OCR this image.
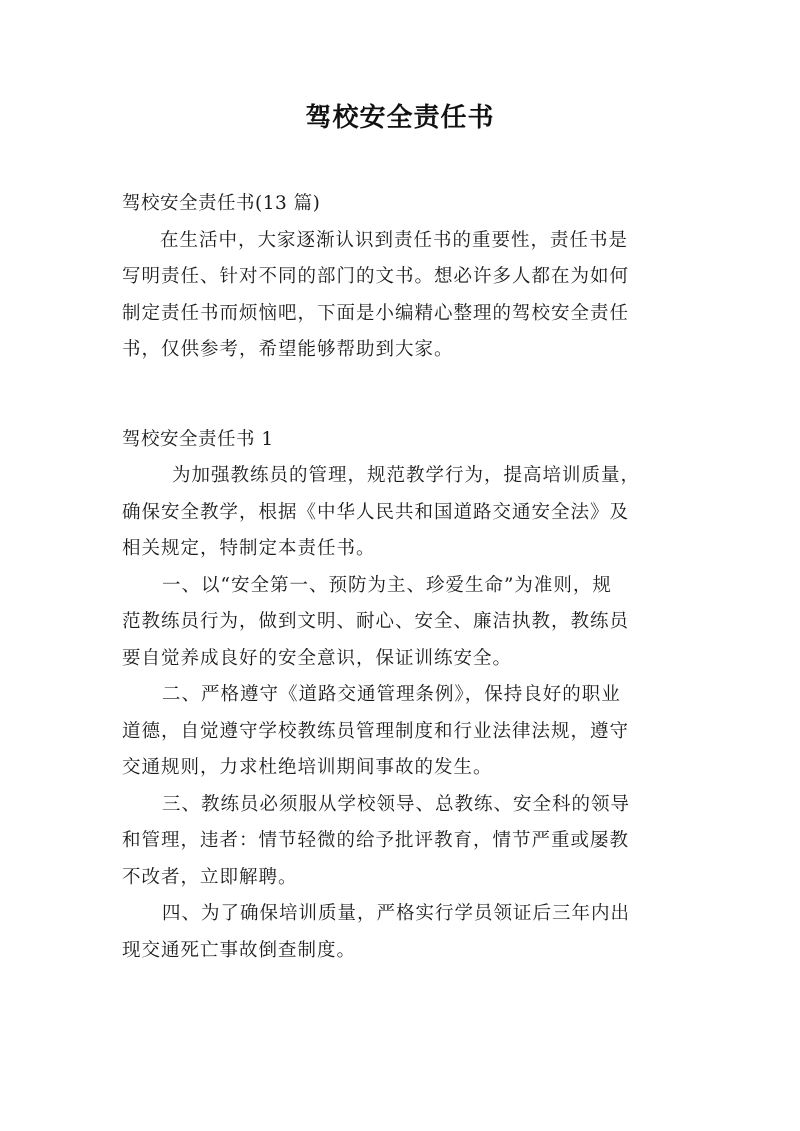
驾校安全责任书
驾校安全责任书(13 篇)
在生活中，大家逐渐认识到责任书的重要性，责任书是
写明责任、针对不同的部门的文书。想必许多人都在为如何
制定责任书而烦恼吧，下面是小编精心整理的驾校安全责任
书，仅供参考，希望能够帮助到大家。
驾校安全责任书 1
为加强教练员的管理，规范教学行为，提高培训质量，
确保安全教学，根据《中华人民共和国道路交通安全法》及
相关规定，特制定本责任书。
一、以“安全第一、预防为主、珍爱生命”为准则，规
范教练员行为，做到文明、耐心、安全、廉洁执教，教练员
要自觉养成良好的安全意识，保证训练安全。
二、严格遵守《道路交通管理条例》，保持良好的职业
道德，自觉遵守学校教练员管理制度和行业法律法规，遵守
交通规则，力求杜绝培训期间事故的发生。
三、教练员必须服从学校领导、总教练、安全科的领导
和管理，违者：情节轻微的给予批评教育，情节严重或屡教
不改者，立即解聘。
四、为了确保培训质量，严格实行学员领证后三年内出
现交通死亡事故倒查制度。
